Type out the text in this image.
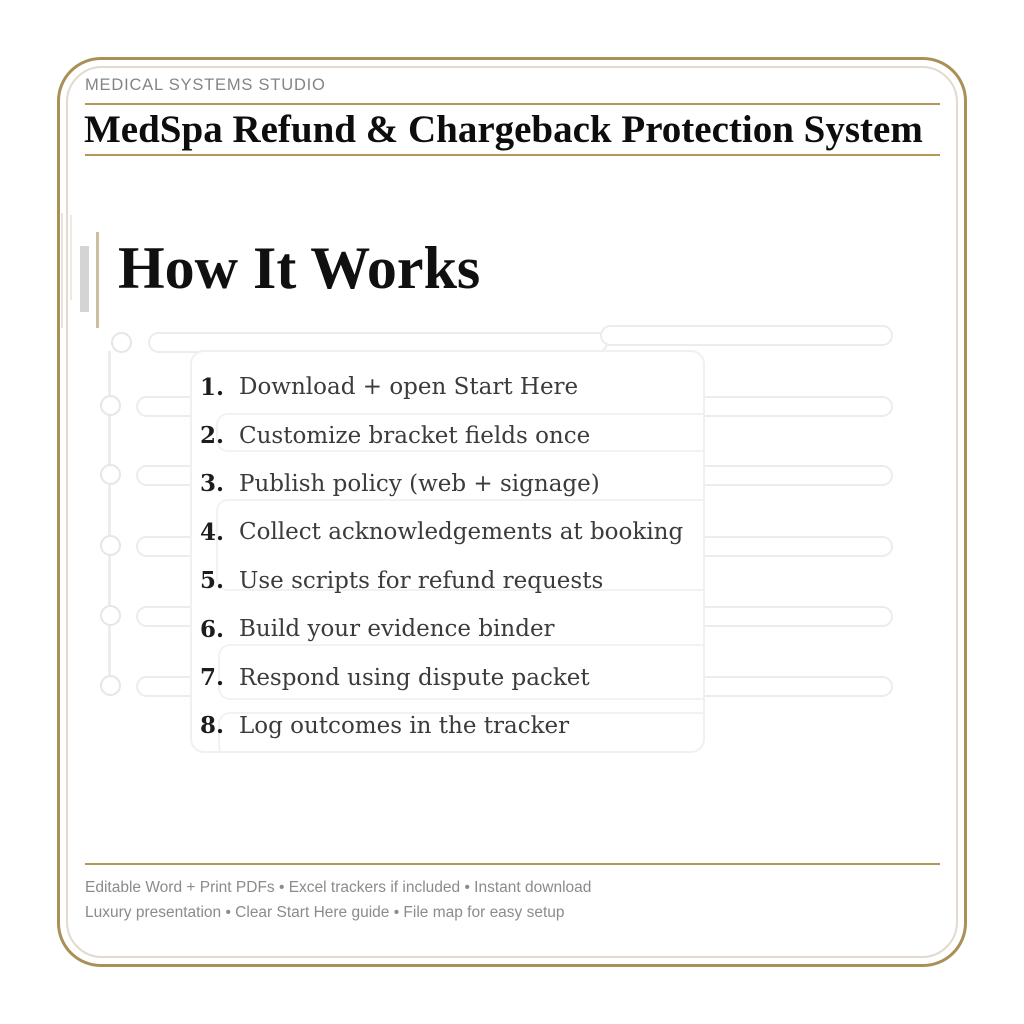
MEDICAL SYSTEMS STUDIO
MedSpa Refund & Chargeback Protection System
How It Works
1. Download + open Start Here
2. Customize bracket fields once
3. Publish policy (web + signage)
4. Collect acknowledgements at booking
5. Use scripts for refund requests
6. Build your evidence binder
7. Respond using dispute packet
8. Log outcomes in the tracker
Editable Word + Print PDFs • Excel trackers if included • Instant download
Luxury presentation • Clear Start Here guide • File map for easy setup
